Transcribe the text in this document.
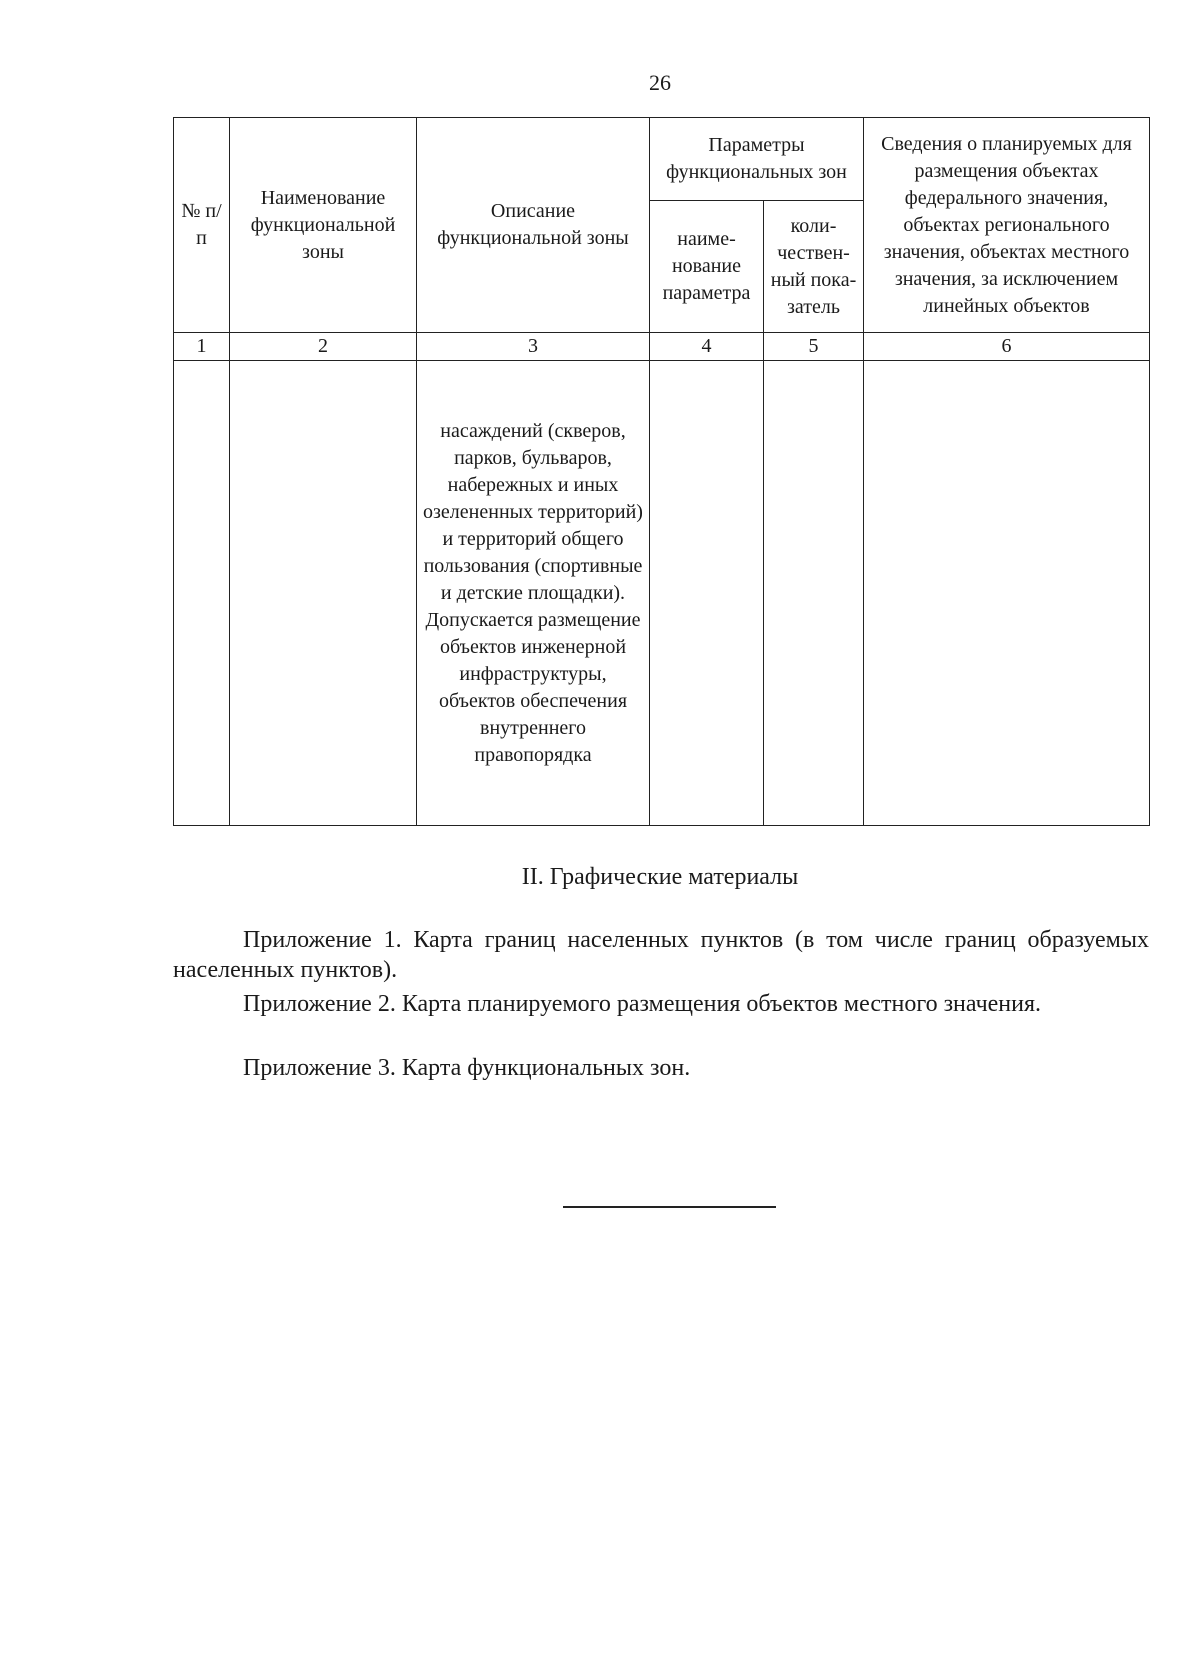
26
№ п/п	Наименование функциональной зоны	Описание функциональной зоны	Параметры функциональных зон		Сведения о планируемых для размещения объектах федерального значения, объектах регионального значения, объектах местного значения, за исключением линейных объектов
			наиме-нование параметра	коли-чествен-ный пока-затель	
1	2	3	4	5	6

		насаждений (скверов, парков, бульваров, набережных и иных озелененных территорий) и территорий общего пользования (спортивные и детские площадки). Допускается размещение объектов инженерной инфраструктуры, объектов обеспечения внутреннего правопорядка			

II. Графические материалы
Приложение 1. Карта границ населенных пунктов (в том числе границ образуемых населенных пунктов).
Приложение 2. Карта планируемого размещения объектов местного значения.
Приложение 3. Карта функциональных зон.
